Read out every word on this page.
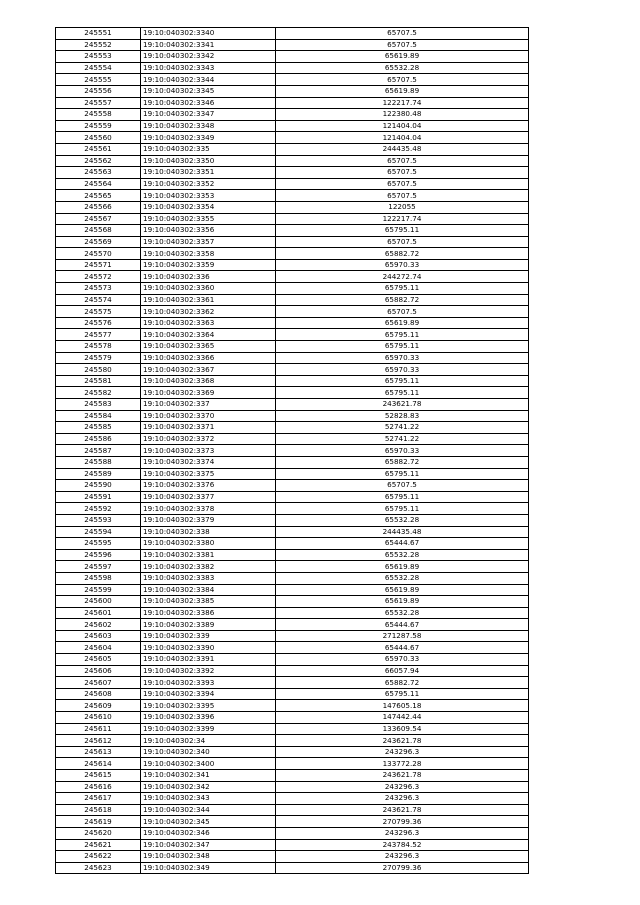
245551	19:10:040302:3340	65707.5
245552	19:10:040302:3341	65707.5
245553	19:10:040302:3342	65619.89
245554	19:10:040302:3343	65532.28
245555	19:10:040302:3344	65707.5
245556	19:10:040302:3345	65619.89
245557	19:10:040302:3346	122217.74
245558	19:10:040302:3347	122380.48
245559	19:10:040302:3348	121404.04
245560	19:10:040302:3349	121404.04
245561	19:10:040302:335	244435.48
245562	19:10:040302:3350	65707.5
245563	19:10:040302:3351	65707.5
245564	19:10:040302:3352	65707.5
245565	19:10:040302:3353	65707.5
245566	19:10:040302:3354	122055
245567	19:10:040302:3355	122217.74
245568	19:10:040302:3356	65795.11
245569	19:10:040302:3357	65707.5
245570	19:10:040302:3358	65882.72
245571	19:10:040302:3359	65970.33
245572	19:10:040302:336	244272.74
245573	19:10:040302:3360	65795.11
245574	19:10:040302:3361	65882.72
245575	19:10:040302:3362	65707.5
245576	19:10:040302:3363	65619.89
245577	19:10:040302:3364	65795.11
245578	19:10:040302:3365	65795.11
245579	19:10:040302:3366	65970.33
245580	19:10:040302:3367	65970.33
245581	19:10:040302:3368	65795.11
245582	19:10:040302:3369	65795.11
245583	19:10:040302:337	243621.78
245584	19:10:040302:3370	52828.83
245585	19:10:040302:3371	52741.22
245586	19:10:040302:3372	52741.22
245587	19:10:040302:3373	65970.33
245588	19:10:040302:3374	65882.72
245589	19:10:040302:3375	65795.11
245590	19:10:040302:3376	65707.5
245591	19:10:040302:3377	65795.11
245592	19:10:040302:3378	65795.11
245593	19:10:040302:3379	65532.28
245594	19:10:040302:338	244435.48
245595	19:10:040302:3380	65444.67
245596	19:10:040302:3381	65532.28
245597	19:10:040302:3382	65619.89
245598	19:10:040302:3383	65532.28
245599	19:10:040302:3384	65619.89
245600	19:10:040302:3385	65619.89
245601	19:10:040302:3386	65532.28
245602	19:10:040302:3389	65444.67
245603	19:10:040302:339	271287.58
245604	19:10:040302:3390	65444.67
245605	19:10:040302:3391	65970.33
245606	19:10:040302:3392	66057.94
245607	19:10:040302:3393	65882.72
245608	19:10:040302:3394	65795.11
245609	19:10:040302:3395	147605.18
245610	19:10:040302:3396	147442.44
245611	19:10:040302:3399	133609.54
245612	19:10:040302:34	243621.78
245613	19:10:040302:340	243296.3
245614	19:10:040302:3400	133772.28
245615	19:10:040302:341	243621.78
245616	19:10:040302:342	243296.3
245617	19:10:040302:343	243296.3
245618	19:10:040302:344	243621.78
245619	19:10:040302:345	270799.36
245620	19:10:040302:346	243296.3
245621	19:10:040302:347	243784.52
245622	19:10:040302:348	243296.3
245623	19:10:040302:349	270799.36
